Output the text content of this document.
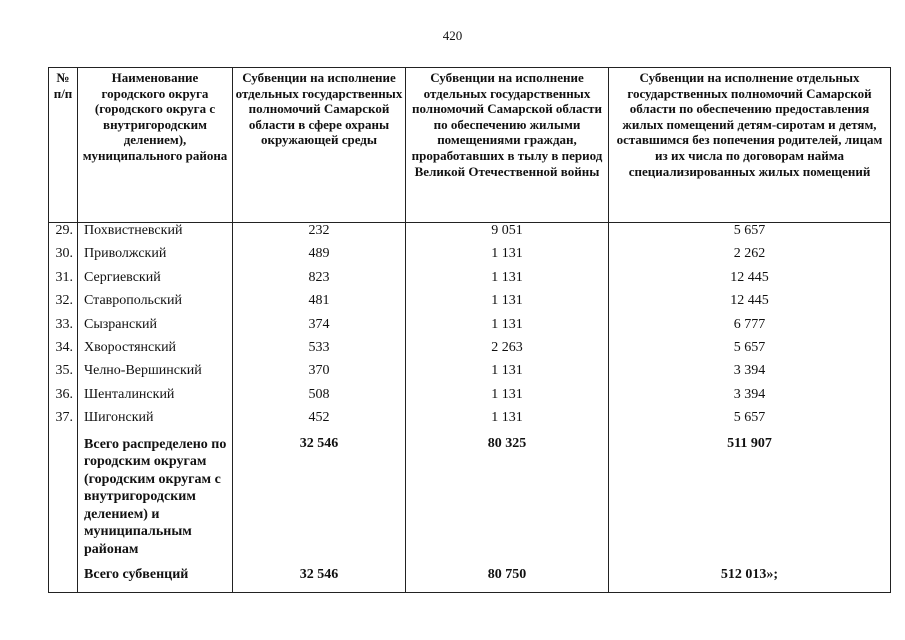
420
№ п/п	Наименование городского округа (городского округа с внутригородским делением), муниципального района	Субвенции на исполнение отдельных государственных полномочий Самарской области в сфере охраны окружающей среды	Субвенции на исполнение отдельных государственных полномочий Самарской области по обеспечению жилыми помещениями граждан, проработавших в тылу в период Великой Отечественной войны	Субвенции на исполнение отдельных государственных полномочий Самарской области по обеспечению предоставления жилых помещений детям-сиротам и детям, оставшимся без попечения родителей, лицам из их числа по договорам найма специализированных жилых помещений
29.	Похвистневский	232	9 051	5 657
30.	Приволжский	489	1 131	2 262
31.	Сергиевский	823	1 131	12 445
32.	Ставропольский	481	1 131	12 445
33.	Сызранский	374	1 131	6 777
34.	Хворостянский	533	2 263	5 657
35.	Челно-Вершинский	370	1 131	3 394
36.	Шенталинский	508	1 131	3 394
37.	Шигонский	452	1 131	5 657
	Всего распределено по городским округам (городским округам с внутригородским делением) и муниципальным районам	32 546	80 325	511 907
	Всего субвенций	32 546	80 750	512 013»;
